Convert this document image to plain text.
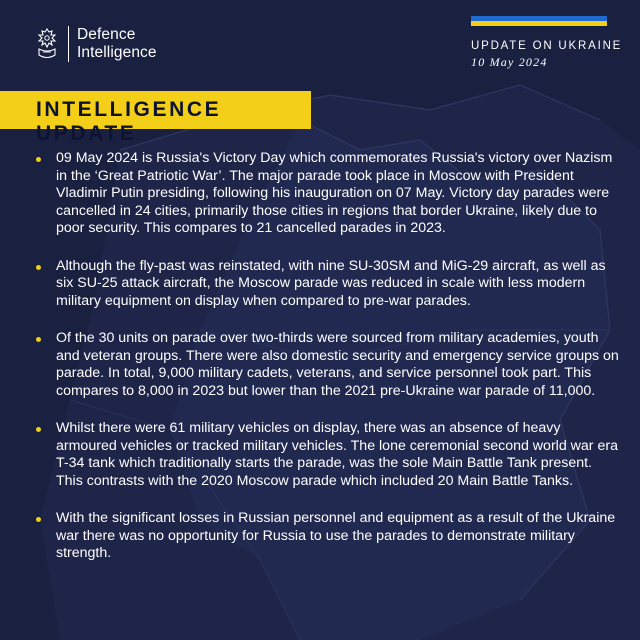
Defence
Intelligence	UPDATE ON UKRAINE
10 May 2024
INTELLIGENCE UPDATE

09 May 2024 is Russia's Victory Day which commemorates Russia's victory over Nazism in the ‘Great Patriotic War’. The major parade took place in Moscow with President Vladimir Putin presiding, following his inauguration on 07 May. Victory day parades were cancelled in 24 cities, primarily those cities in regions that border Ukraine, likely due to poor security. This compares to 21 cancelled parades in 2023.

Although the fly-past was reinstated, with nine SU-30SM and MiG-29 aircraft, as well as six SU-25 attack aircraft, the Moscow parade was reduced in scale with less modern military equipment on display when compared to pre-war parades.

Of the 30 units on parade over two-thirds were sourced from military academies, youth and veteran groups. There were also domestic security and emergency service groups on parade. In total, 9,000 military cadets, veterans, and service personnel took part. This compares to 8,000 in 2023 but lower than the 2021 pre-Ukraine war parade of 11,000.

Whilst there were 61 military vehicles on display, there was an absence of heavy armoured vehicles or tracked military vehicles. The lone ceremonial second world war era T-34 tank which traditionally starts the parade, was the sole Main Battle Tank present. This contrasts with the 2020 Moscow parade which included 20 Main Battle Tanks.

With the significant losses in Russian personnel and equipment as a result of the Ukraine war there was no opportunity for Russia to use the parades to demonstrate military strength.
